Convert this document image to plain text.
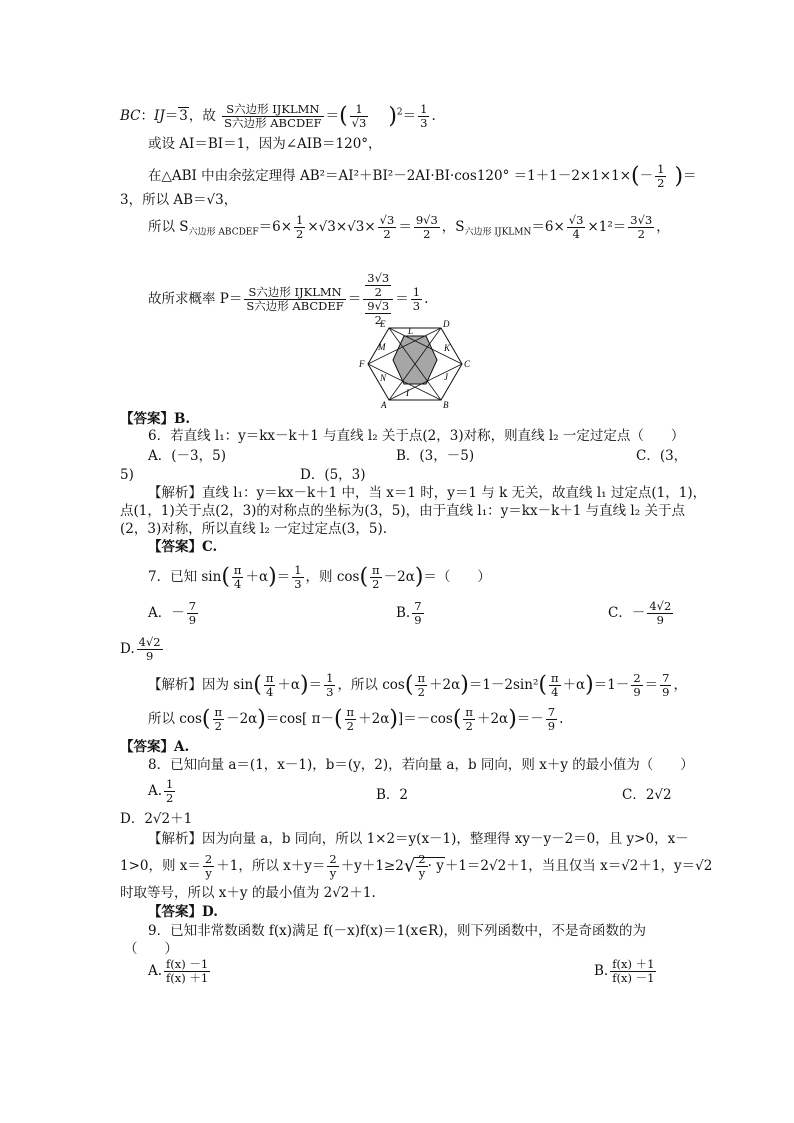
BC：IJ＝3，故 $\frac{\text{S六边形 IJKLMN}}{\text{S六边形 ABCDEF}}$ ＝( $\frac{1}{√3} )^2= \frac{1}{3}$ .
或设 AI＝BI＝1，因为∠AIB＝120°，
在△ABI 中由余弦定理得 $AB^2=AI^2+BI^2-2AI\cdot BI\cdot\cos 120^\circ =1+1-2\times 1\times 1\times(- \frac{1}{2}$ )＝
3，所以 AB＝√3，
所以 $S_{六边形 ABCDEF}=6\times \frac{1}{2} \times√3\times√3\times \frac{√3}{2} = \frac{9√3}{2}$ ，$S_{六边形 IJKLMN}=6\times \frac{√3}{4} \times 1^2= \frac{3√3}{2}$ ，
故所求概率 $P= \frac{\text{S六边形 IJKLMN}}{\text{S六边形 ABCDEF}} = \frac{\frac{3√3}{2}}{\frac{9√3}{2}} = \frac{1}{3}$ .
E	D
L
M	K
F	C
N	J
A
I
B
【答案】B.
6．若直线 l₁：y＝kx－k＋1 与直线 l₂ 关于点(2，3)对称，则直线 l₂ 一定过定点（　　）
A．(－3，5)	B．(3，－5)	C．(3，
5)	D．(5，3)
【解析】直线 l₁：y＝kx－k＋1 中，当 x＝1 时，y＝1 与 k 无关，故直线 l₁ 过定点(1，1)，
点(1，1)关于点(2，3)的对称点的坐标为(3，5)，由于直线 l₁：y＝kx－k＋1 与直线 l₂ 关于点
(2，3)对称，所以直线 l₂ 一定过定点(3，5).
【答案】C.
7．已知 $\sin( \frac{\pi}{4} +\alpha)= \frac{1}{3}$ ，则 $\cos( \frac{\pi}{2} -2\alpha)=$（　　）
A．－ $\frac{7}{9}$	B. $\frac{7}{9}$	C．－ $\frac{4√2}{9}$
D. $\frac{4√2}{9}$
【解析】因为 $\sin( \frac{\pi}{4} +\alpha)= \frac{1}{3}$ ，所以 $\cos( \frac{\pi}{2} +2\alpha)=1-2\sin^2( \frac{\pi}{4} +\alpha)=1- \frac{2}{9} = \frac{7}{9}$ ，
所以 $\cos( \frac{\pi}{2} -2\alpha)=\cos$[ $\pi-( \frac{\pi}{2} +2\alpha)]=-\cos( \frac{\pi}{2} +2\alpha)=- \frac{7}{9}$ .
【答案】A.
8．已知向量 a＝(1，x－1)，b＝(y，2)，若向量 a，b 同向，则 x＋y 的最小值为（　　）
A. $\frac{1}{2}$	B．2	C．2√2
D．2√2＋1
【解析】因为向量 a，b 同向，所以 1×2＝y(x－1)，整理得 xy－y－2＝0，且 y>0，x－
1>0，则 $x= \frac{2}{y} +1$，所以 $x+y= \frac{2}{y} +y+1\ge 2√ \frac{2}{y} \cdot y+1=2√2+1$，当且仅当 x＝√2＋1，y＝√2
时取等号，所以 x＋y 的最小值为 2√2＋1.
【答案】D.
9．已知非常数函数 f(x)满足 f(－x)f(x)＝1(x∈R)，则下列函数中，不是奇函数的为
（　　）
A. $\frac{f(x) -1}{f(x) +1}$	B. $\frac{f(x) +1}{f(x) -1}$
